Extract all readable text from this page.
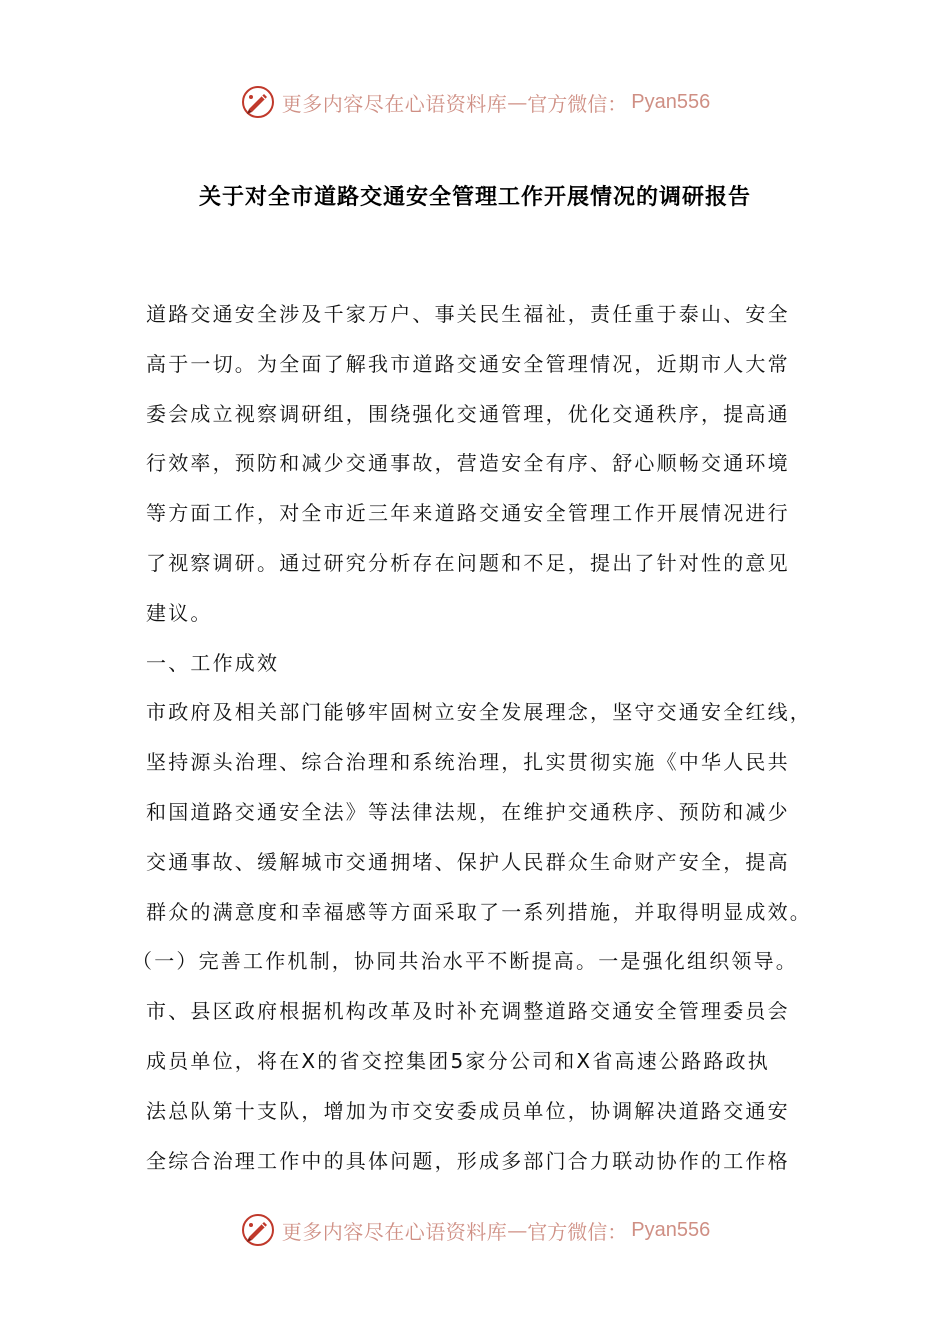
更多内容尽在心语资料库 — 官方微信： Pyan556
关于对全市道路交通安全管理工作开展情况的调研报告
道路交通安全涉及千家万户、事关民生福祉，责任重于泰山、安全
高于一切。为全面了解我市道路交通安全管理情况，近期市人大常
委会成立视察调研组，围绕强化交通管理，优化交通秩序，提高通
行效率，预防和减少交通事故，营造安全有序、舒心顺畅交通环境
等方面工作，对全市近三年来道路交通安全管理工作开展情况进行
了视察调研。通过研究分析存在问题和不足，提出了针对性的意见
建议。
一、工作成效
市政府及相关部门能够牢固树立安全发展理念，坚守交通安全红线，
坚持源头治理、综合治理和系统治理，扎实贯彻实施《中华人民共
和国道路交通安全法》等法律法规，在维护交通秩序、预防和减少
交通事故、缓解城市交通拥堵、保护人民群众生命财产安全，提高
群众的满意度和幸福感等方面采取了一系列措施，并取得明显成效。
（一）完善工作机制，协同共治水平不断提高。一是强化组织领导。
市、县区政府根据机构改革及时补充调整道路交通安全管理委员会
成员单位，将在X的省交控集团5家分公司和X省高速公路路政执
法总队第十支队，增加为市交安委成员单位，协调解决道路交通安
全综合治理工作中的具体问题，形成多部门合力联动协作的工作格
更多内容尽在心语资料库 — 官方微信： Pyan556
